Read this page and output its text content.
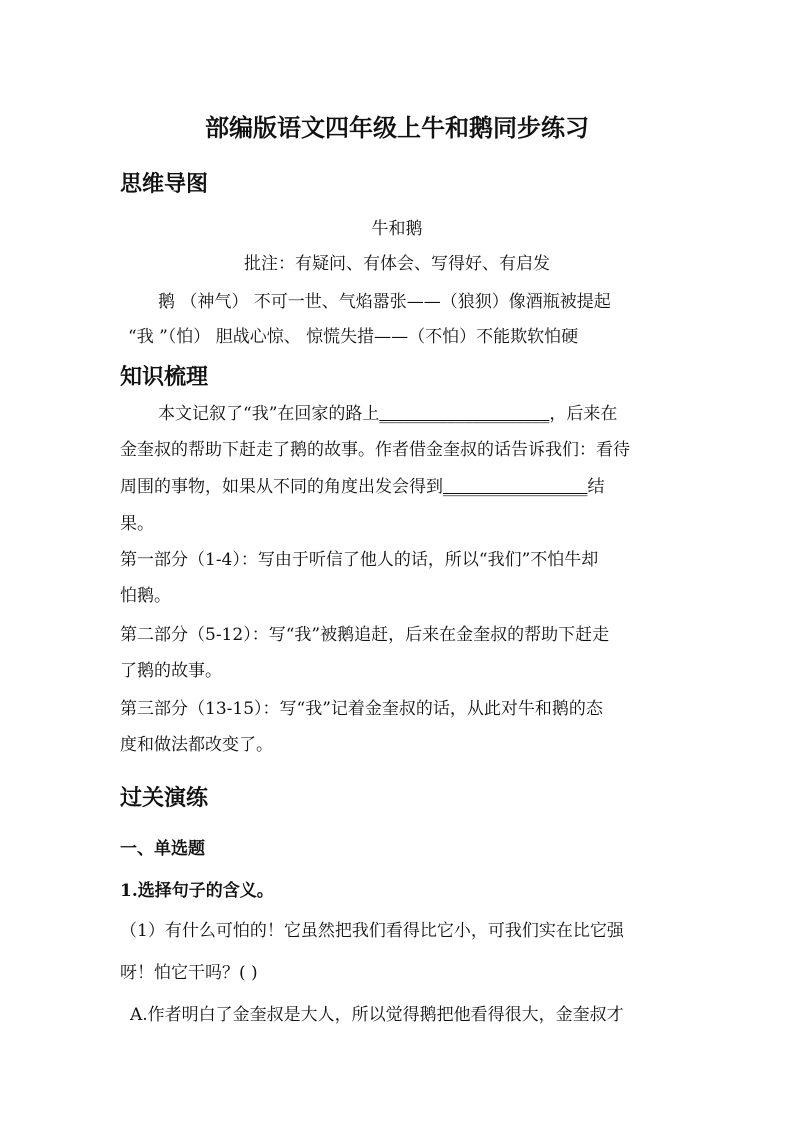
部编版语文四年级上牛和鹅同步练习
思维导图
牛和鹅
批注：有疑问、有体会、写得好、有启发
鹅 （神气） 不可一世、气焰嚣张——（狼狈）像酒瓶被提起
“我 ”（怕） 胆战心惊、 惊慌失措——（不怕）不能欺软怕硬
知识梳理
本文记叙了“我”在回家的路上____________________，后来在
金奎叔的帮助下赶走了鹅的故事。作者借金奎叔的话告诉我们：看待
周围的事物，如果从不同的角度出发会得到_________________结
果。
第一部分（1-4）：写由于听信了他人的话，所以“我们”不怕牛却
怕鹅。
第二部分（5-12）：写“我”被鹅追赶，后来在金奎叔的帮助下赶走
了鹅的故事。
第三部分（13-15）：写“我”记着金奎叔的话，从此对牛和鹅的态
度和做法都改变了。
过关演练
一、单选题
1.选择句子的含义。
（1）有什么可怕的！它虽然把我们看得比它小，可我们实在比它强
呀！怕它干吗？( )
A.作者明白了金奎叔是大人，所以觉得鹅把他看得很大，金奎叔才
